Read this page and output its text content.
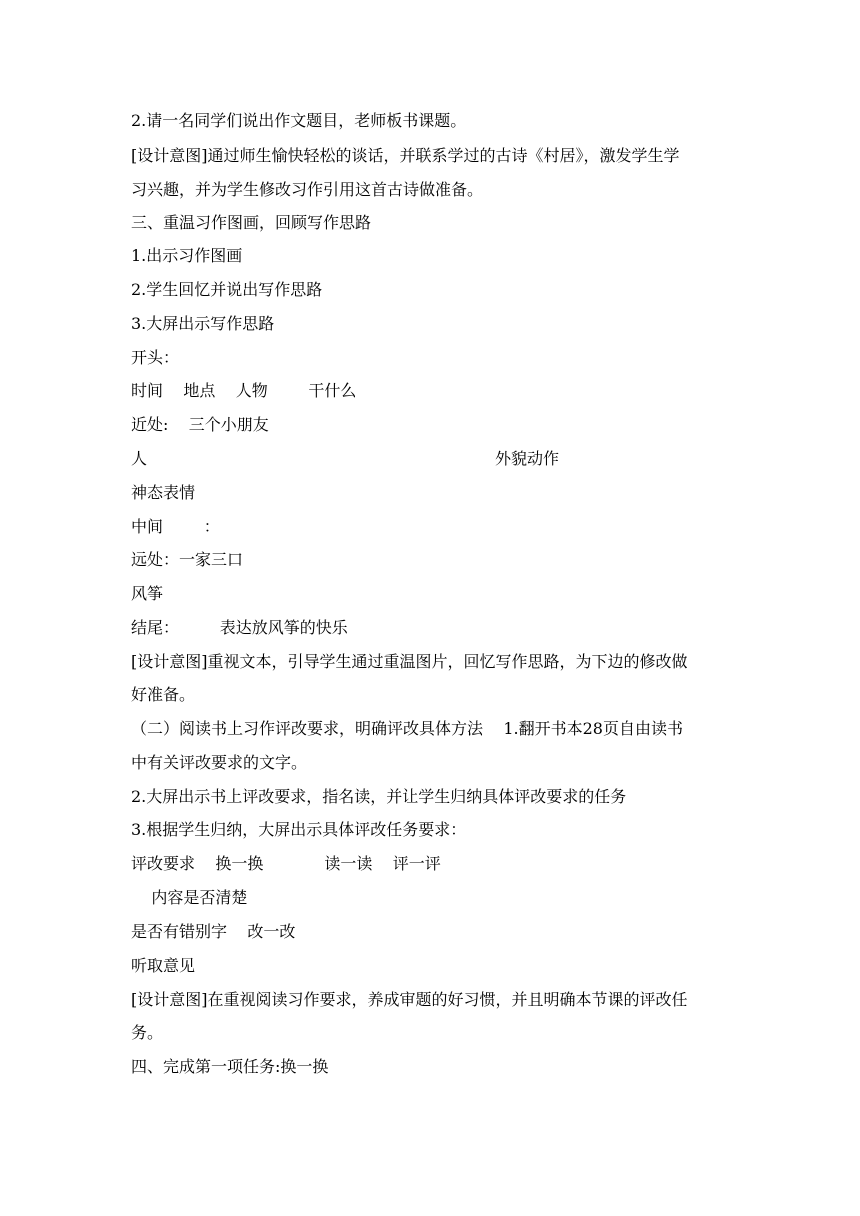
2.请一名同学们说出作文题目，老师板书课题。
[设计意图]通过师生愉快轻松的谈话，并联系学过的古诗《村居》，激发学生学
习兴趣，并为学生修改习作引用这首古诗做准备。
三、重温习作图画，回顾写作思路
1.出示习作图画
2.学生回忆并说出写作思路
3.大屏出示写作思路
开头：
时间    地点    人物        干什么
近处:    三个小朋友
人	外貌动作
神态表情
中间        ：
远处：一家三口
风筝
结尾：        表达放风筝的快乐
[设计意图]重视文本，引导学生通过重温图片，回忆写作思路，为下边的修改做
好准备。
（二）阅读书上习作评改要求，明确评改具体方法    1.翻开书本28页自由读书
中有关评改要求的文字。
2.大屏出示书上评改要求，指名读，并让学生归纳具体评改要求的任务
3.根据学生归纳，大屏出示具体评改任务要求：
评改要求    换一换            读一读    评一评
内容是否清楚
是否有错别字    改一改
听取意见
[设计意图]在重视阅读习作要求，养成审题的好习惯，并且明确本节课的评改任
务。
四、完成第一项任务:换一换
